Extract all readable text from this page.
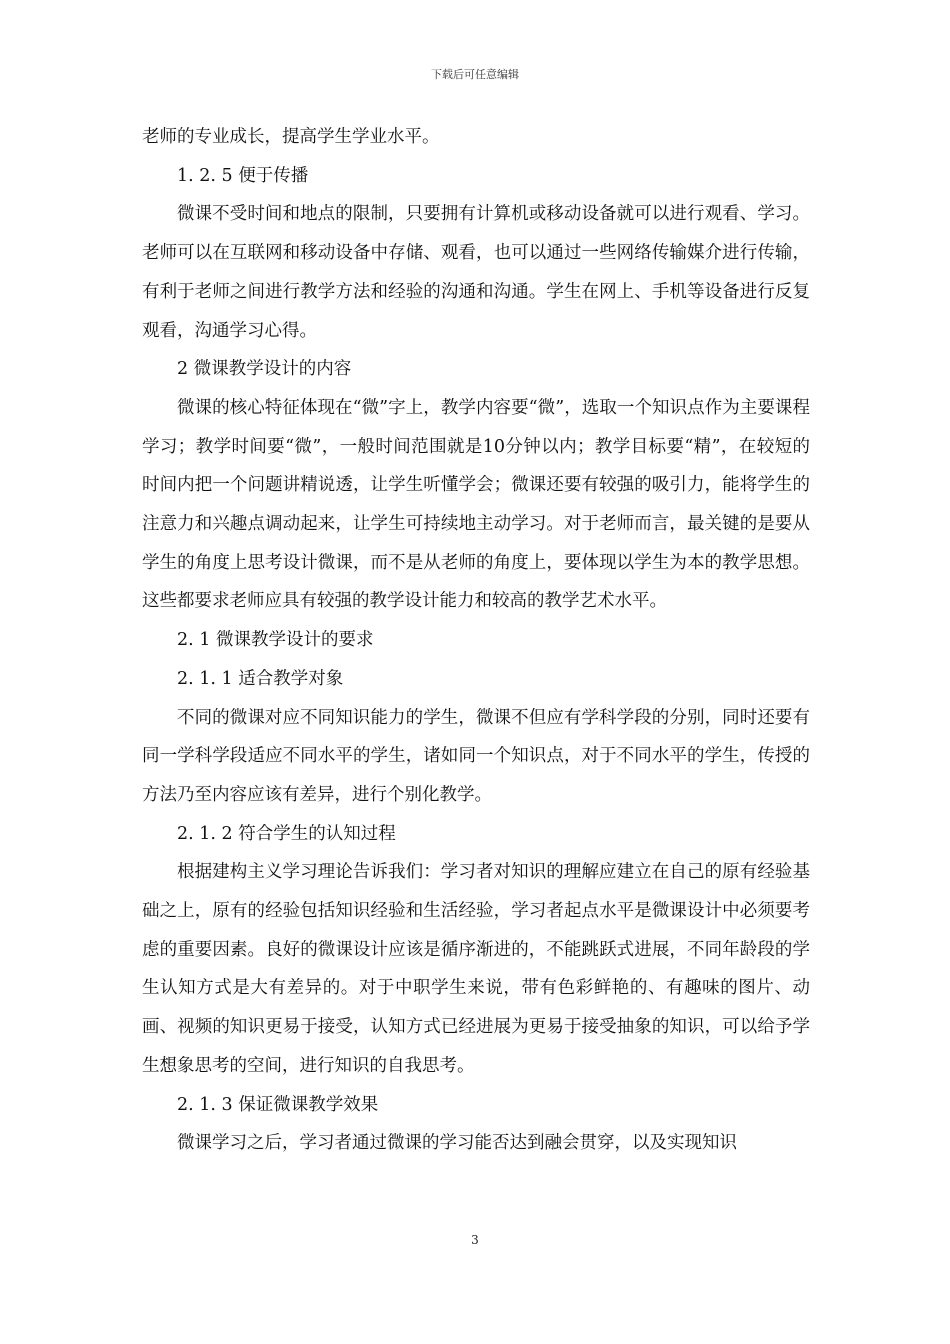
下载后可任意编辑

老师的专业成长，提高学生学业水平。

1. 2. 5 便于传播

微课不受时间和地点的限制，只要拥有计算机或移动设备就可以进行观看、学习。老师可以在互联网和移动设备中存储、观看，也可以通过一些网络传输媒介进行传输，有利于老师之间进行教学方法和经验的沟通和沟通。学生在网上、手机等设备进行反复观看，沟通学习心得。

2 微课教学设计的内容

微课的核心特征体现在“微”字上，教学内容要“微”，选取一个知识点作为主要课程学习；教学时间要“微”，一般时间范围就是10分钟以内；教学目标要“精”，在较短的时间内把一个问题讲精说透，让学生听懂学会；微课还要有较强的吸引力，能将学生的注意力和兴趣点调动起来，让学生可持续地主动学习。对于老师而言，最关键的是要从学生的角度上思考设计微课，而不是从老师的角度上，要体现以学生为本的教学思想。这些都要求老师应具有较强的教学设计能力和较高的教学艺术水平。

2. 1 微课教学设计的要求

2. 1. 1 适合教学对象

不同的微课对应不同知识能力的学生，微课不但应有学科学段的分别，同时还要有同一学科学段适应不同水平的学生，诸如同一个知识点，对于不同水平的学生，传授的方法乃至内容应该有差异，进行个别化教学。

2. 1. 2 符合学生的认知过程

根据建构主义学习理论告诉我们：学习者对知识的理解应建立在自己的原有经验基础之上，原有的经验包括知识经验和生活经验，学习者起点水平是微课设计中必须要考虑的重要因素。良好的微课设计应该是循序渐进的，不能跳跃式进展，不同年龄段的学生认知方式是大有差异的。对于中职学生来说，带有色彩鲜艳的、有趣味的图片、动画、视频的知识更易于接受，认知方式已经进展为更易于接受抽象的知识，可以给予学生想象思考的空间，进行知识的自我思考。

2. 1. 3 保证微课教学效果

微课学习之后，学习者通过微课的学习能否达到融会贯穿，以及实现知识

3
